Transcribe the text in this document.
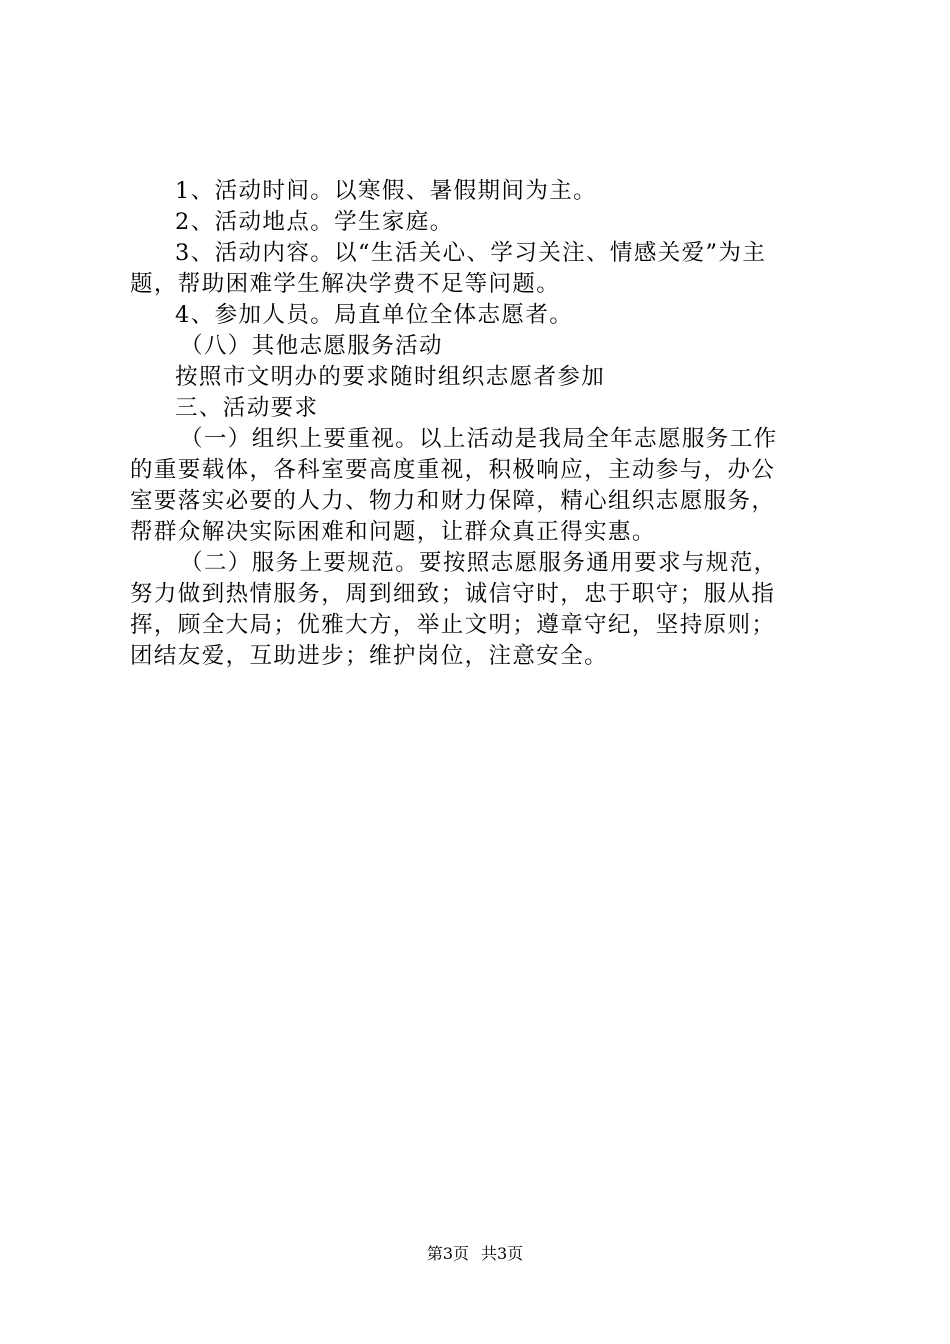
1、活动时间。以寒假、暑假期间为主。
2、活动地点。学生家庭。
3、活动内容。以“生活关心、学习关注、情感关爱”为主
题，帮助困难学生解决学费不足等问题。
4、参加人员。局直单位全体志愿者。
（八）其他志愿服务活动
按照市文明办的要求随时组织志愿者参加
三、活动要求
（一）组织上要重视。以上活动是我局全年志愿服务工作
的重要载体，各科室要高度重视，积极响应，主动参与，办公
室要落实必要的人力、物力和财力保障，精心组织志愿服务，
帮群众解决实际困难和问题，让群众真正得实惠。
（二）服务上要规范。要按照志愿服务通用要求与规范，
努力做到热情服务，周到细致；诚信守时，忠于职守；服从指
挥，顾全大局；优雅大方，举止文明；遵章守纪，坚持原则；
团结友爱，互助进步；维护岗位，注意安全。
第3页 共3页
